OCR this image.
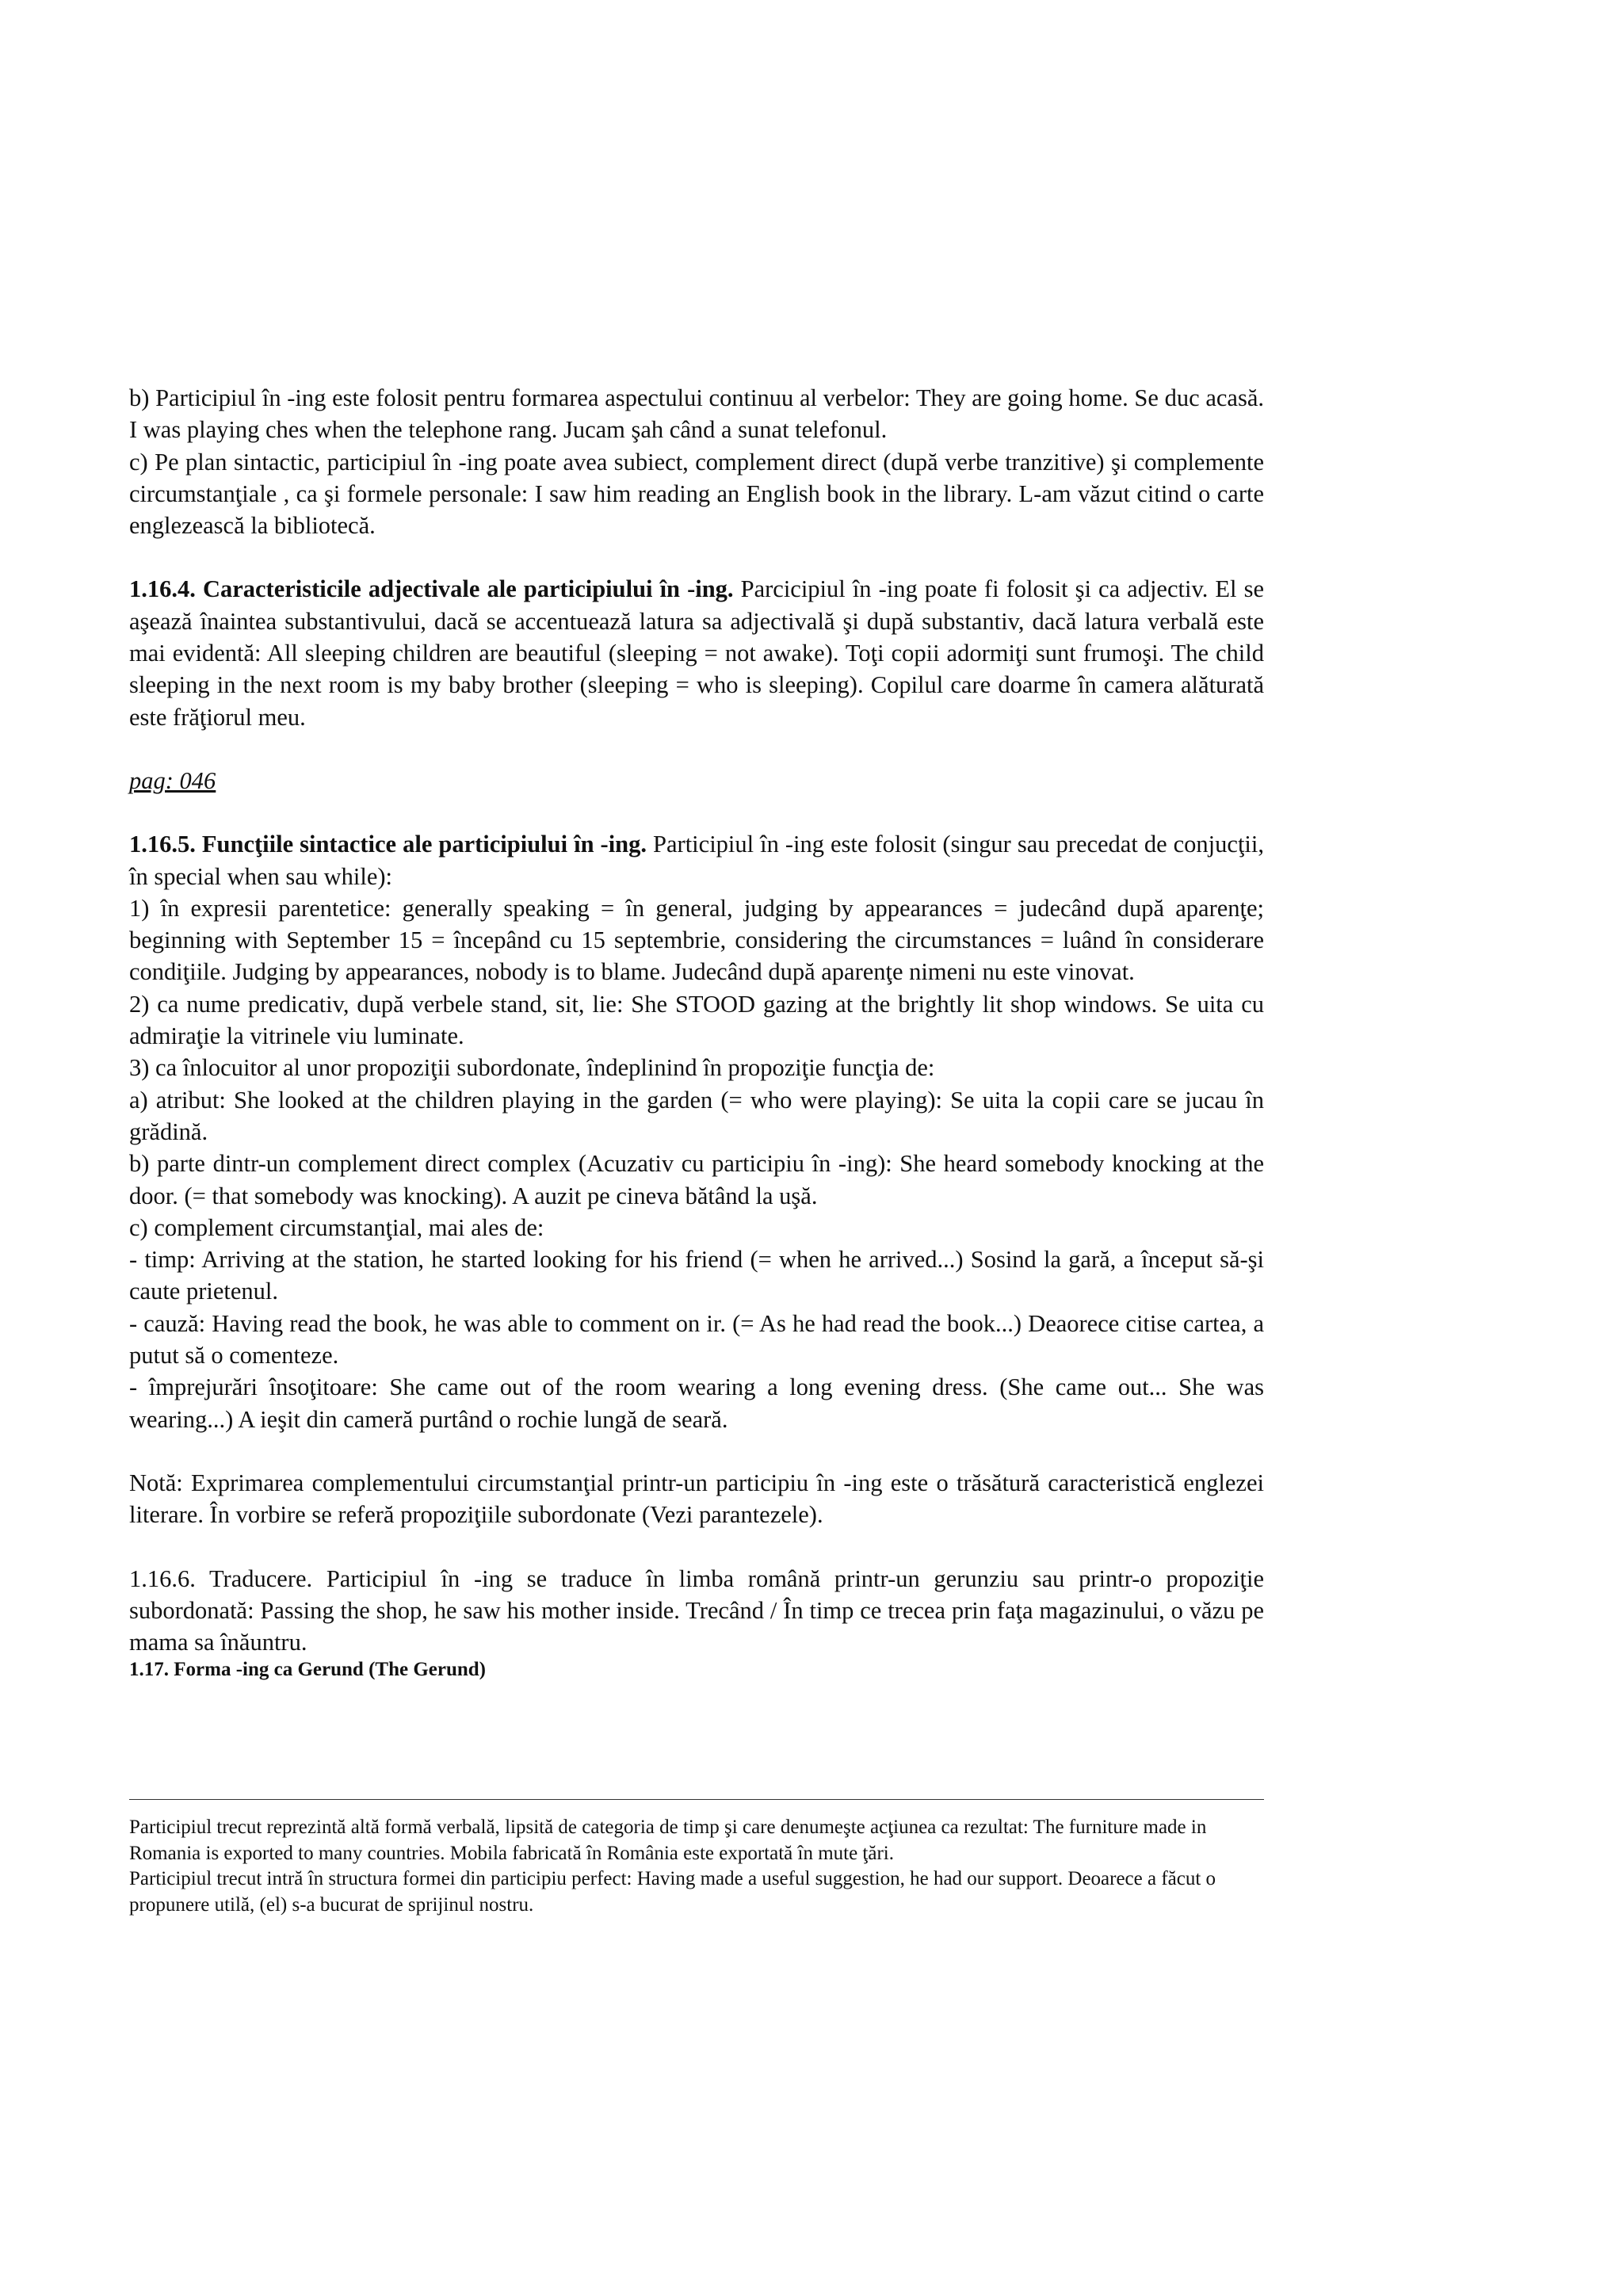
b) Participiul în -ing este folosit pentru formarea aspectului continuu al verbelor: They are going home. Se duc acasă. I was playing ches when the telephone rang. Jucam şah când a sunat telefonul.

c) Pe plan sintactic, participiul în -ing poate avea subiect, complement direct (după verbe tranzitive) şi complemente circumstanţiale , ca şi formele personale: I saw him reading an English book in the library. L-am văzut citind o carte englezească la bibliotecă.

1.16.4. Caracteristicile adjectivale ale participiului în -ing. Parcicipiul în -ing poate fi folosit şi ca adjectiv. El se aşează înaintea substantivului, dacă se accentuează latura sa adjectivală şi după substantiv, dacă latura verbală este mai evidentă: All sleeping children are beautiful (sleeping = not awake). Toţi copii adormiţi sunt frumoşi. The child sleeping in the next room is my baby brother (sleeping = who is sleeping). Copilul care doarme în camera alăturată este frăţiorul meu.

pag: 046

1.16.5. Funcţiile sintactice ale participiului în -ing. Participiul în -ing este folosit (singur sau precedat de conjucţii, în special when sau while):

1) în expresii parentetice: generally speaking = în general, judging by appearances = judecând după aparenţe; beginning with September 15 = începând cu 15 septembrie, considering the circumstances = luând în considerare condiţiile. Judging by appearances, nobody is to blame. Judecând după aparenţe nimeni nu este vinovat.

2) ca nume predicativ, după verbele stand, sit, lie: She STOOD gazing at the brightly lit shop windows. Se uita cu admiraţie la vitrinele viu luminate.

3) ca înlocuitor al unor propoziţii subordonate, îndeplinind în propoziţie funcţia de:

a) atribut: She looked at the children playing in the garden (= who were playing): Se uita la copii care se jucau în grădină.

b) parte dintr-un complement direct complex (Acuzativ cu participiu în -ing): She heard somebody knocking at the door. (= that somebody was knocking). A auzit pe cineva bătând la uşă.

c) complement circumstanţial, mai ales de:

- timp: Arriving at the station, he started looking for his friend (= when he arrived...) Sosind la gară, a început să-şi caute prietenul.

- cauză: Having read the book, he was able to comment on ir. (= As he had read the book...) Deaorece citise cartea, a putut să o comenteze.

- împrejurări însoţitoare: She came out of the room wearing a long evening dress. (She came out... She was wearing...) A ieşit din cameră purtând o rochie lungă de seară.

Notă: Exprimarea complementului circumstanţial printr-un participiu în -ing este o trăsătură caracteristică englezei literare. În vorbire se referă propoziţiile subordonate (Vezi parantezele).

1.16.6. Traducere. Participiul în -ing se traduce în limba română printr-un gerunziu sau printr-o propoziţie subordonată: Passing the shop, he saw his mother inside. Trecând / În timp ce trecea prin faţa magazinului, o văzu pe mama sa înăuntru.

1.17. Forma -ing ca Gerund (The Gerund)

Participiul trecut reprezintă altă formă verbală, lipsită de categoria de timp şi care denumeşte acţiunea ca rezultat: The furniture made in Romania is exported to many countries. Mobila fabricată în România este exportată în mute ţări.

Participiul trecut intră în structura formei din participiu perfect: Having made a useful suggestion, he had our support. Deoarece a făcut o propunere utilă, (el) s-a bucurat de sprijinul nostru.
